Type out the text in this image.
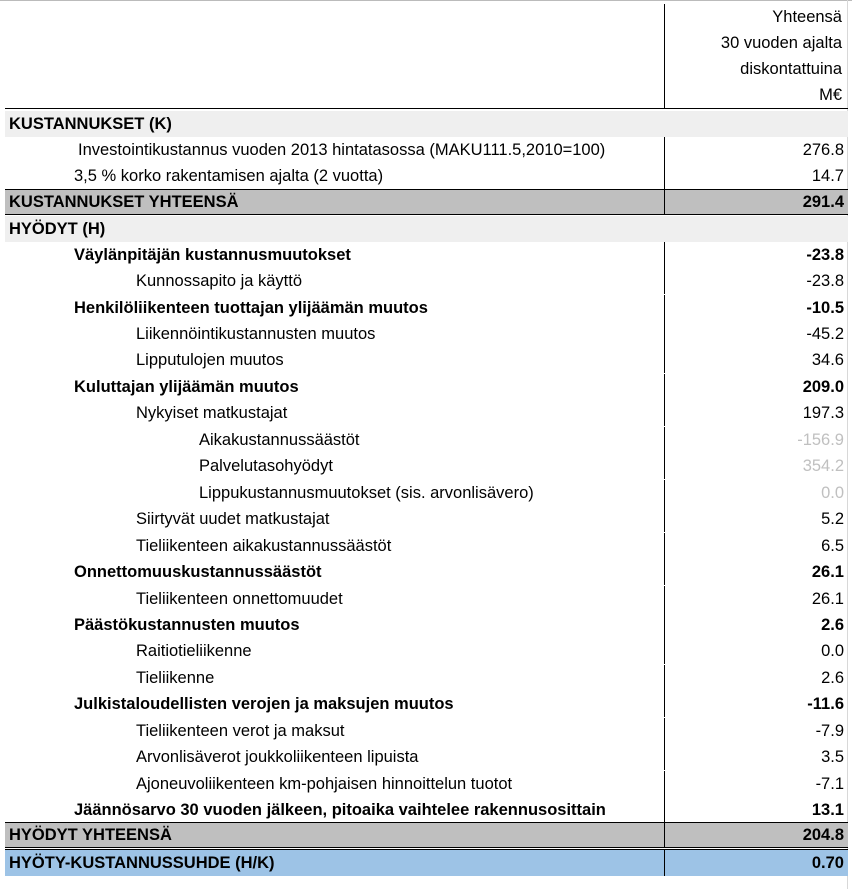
Yhteensä
30 vuoden ajalta
diskontattuina
M€
KUSTANNUKSET (K)
Investointikustannus vuoden 2013 hintatasossa (MAKU111.5,2010=100)	276.8
3,5 % korko rakentamisen ajalta (2 vuotta)	14.7
KUSTANNUKSET YHTEENSÄ	291.4
HYÖDYT (H)
Väylänpitäjän kustannusmuutokset	-23.8
Kunnossapito ja käyttö	-23.8
Henkilöliikenteen tuottajan ylijäämän muutos	-10.5
Liikennöintikustannusten muutos	-45.2
Lipputulojen muutos	34.6
Kuluttajan ylijäämän muutos	209.0
Nykyiset matkustajat	197.3
Aikakustannussäästöt	-156.9
Palvelutasohyödyt	354.2
Lippukustannusmuutokset (sis. arvonlisävero)	0.0
Siirtyvät uudet matkustajat	5.2
Tieliikenteen aikakustannussäästöt	6.5
Onnettomuuskustannussäästöt	26.1
Tieliikenteen onnettomuudet	26.1
Päästökustannusten muutos	2.6
Raitiotieliikenne	0.0
Tieliikenne	2.6
Julkistaloudellisten verojen ja maksujen muutos	-11.6
Tieliikenteen verot ja maksut	-7.9
Arvonlisäverot joukkoliikenteen lipuista	3.5
Ajoneuvoliikenteen km-pohjaisen hinnoittelun tuotot	-7.1
Jäännösarvo 30 vuoden jälkeen, pitoaika vaihtelee rakennusosittain	13.1
HYÖDYT YHTEENSÄ	204.8
HYÖTY-KUSTANNUSSUHDE (H/K)	0.70
